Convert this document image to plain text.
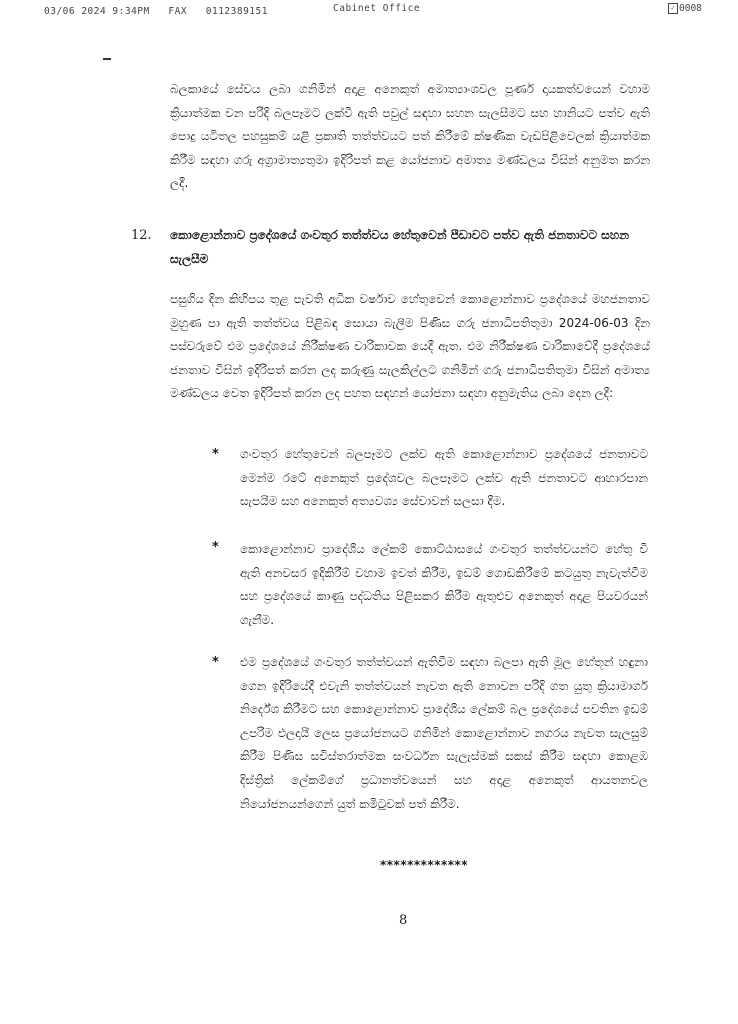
03/06 2024 9:34PM FAX 0112389151	Cabinet Office	✓ 0008
බලකායේ සේවය ලබා ගනිමින් අදාළ අනෙකුත් අමාත්‍යාංශවල පූර්ණ දායකත්වයෙන් වහාම ක්‍රියාත්මක වන පරිදි බලපෑමට ලක්වී ඇති පවුල් සඳහා සහන සැලසීමට සහ හානියට පත්ව ඇති පොදු යටිතල පහසුකම් යළි ප්‍රකෘති තත්ත්වයට පත් කිරීමේ ක්ෂණික වැඩපිළිවෙලක් ක්‍රියාත්මක කිරීම සඳහා ගරු අග්‍රාමාත්‍යතුමා ඉදිරිපත් කළ යෝජනාව අමාත්‍ය මණ්ඩලය විසින් අනුමත කරන ලදී.
12. කොළොන්නාව ප්‍රදේශයේ ගංවතුර තත්ත්වය හේතුවෙන් පීඩාවට පත්ව ඇති ජනතාවට සහන සැලසීම
පසුගිය දින කිහිපය තුළ පැවති අධික වර්ෂාව හේතුවෙන් කොළොන්නාව ප්‍රදේශයේ මහජනතාව මුහුණ පා ඇති තත්ත්වය පිළිබඳ සොයා බැලීම පිණිස ගරු ජනාධිපතිතුමා 2024-06-03 දින පස්වරුවේ එම ප්‍රදේශයේ නිරීක්ෂණ චාරිකාවක යෙදී ඇත. එම නිරීක්ෂණ චාරිකාවේදී ප්‍රදේශයේ ජනතාව විසින් ඉදිරිපත් කරන ලද කරුණු සැලකිල්ලට ගනිමින් ගරු ජනාධිපතිතුමා විසින් අමාත්‍ය මණ්ඩලය වෙත ඉදිරිපත් කරන ලද පහත සඳහන් යෝජනා සඳහා අනුමැතිය ලබා දෙන ලදී:
* ගංවතුර හේතුවෙන් බලපෑමට ලක්ව ඇති කොළොන්නාව ප්‍රදේශයේ ජනතාවට මෙන්ම රටේ අනෙකුත් ප්‍රදේශවල බලපෑමට ලක්ව ඇති ජනතාවට ආහාරපාන සැපයීම සහ අනෙකුත් අත්‍යවශ්‍ය සේවාවන් සලසා දීම.
* කොළොන්නාව ප්‍රාදේශීය ලේකම් කොට්ඨාසයේ ගංවතුර තත්ත්වයන්ට හේතු වී ඇති අනවසර ඉදිකිරීම් වහාම ඉවත් කිරීම, ඉඩම් ගොඩකිරීමේ කටයුතු නැවැත්වීම සහ ප්‍රදේශයේ කාණු පද්ධතිය පිළිසකර කිරීම ඇතුළුව අනෙකුත් අදාළ පියවරයන් ගැනීම.
* එම ප්‍රදේශයේ ගංවතුර තත්ත්වයන් ඇතිවීම සඳහා බලපා ඇති මූල හේතූන් හඳුනා ගෙන ඉදිරියේදී එවැනි තත්ත්වයන් නැවත ඇති නොවන පරිදි ගත යුතු ක්‍රියාමාර්ග නිර්දේශ කිරීමට සහ කොළොන්නාව ප්‍රාදේශීය ලේකම් බල ප්‍රදේශයේ පවතින ඉඩම් උපරිම ඵලදායී ලෙස ප්‍රයෝජනයට ගනිමින් කොළොන්නාව නගරය නැවත සැලසුම් කිරීම පිණිස සවිස්තරාත්මක සංවර්ධන සැලැස්මක් සකස් කිරීම සඳහා කොළඹ දිස්ත්‍රික් ලේකම්ගේ ප්‍රධානත්වයෙන් සහ අදාළ අනෙකුත් ආයතනවල නියෝජනයන්ගෙන් යුත් කමිටුවක් පත් කිරීම.
*************
8
